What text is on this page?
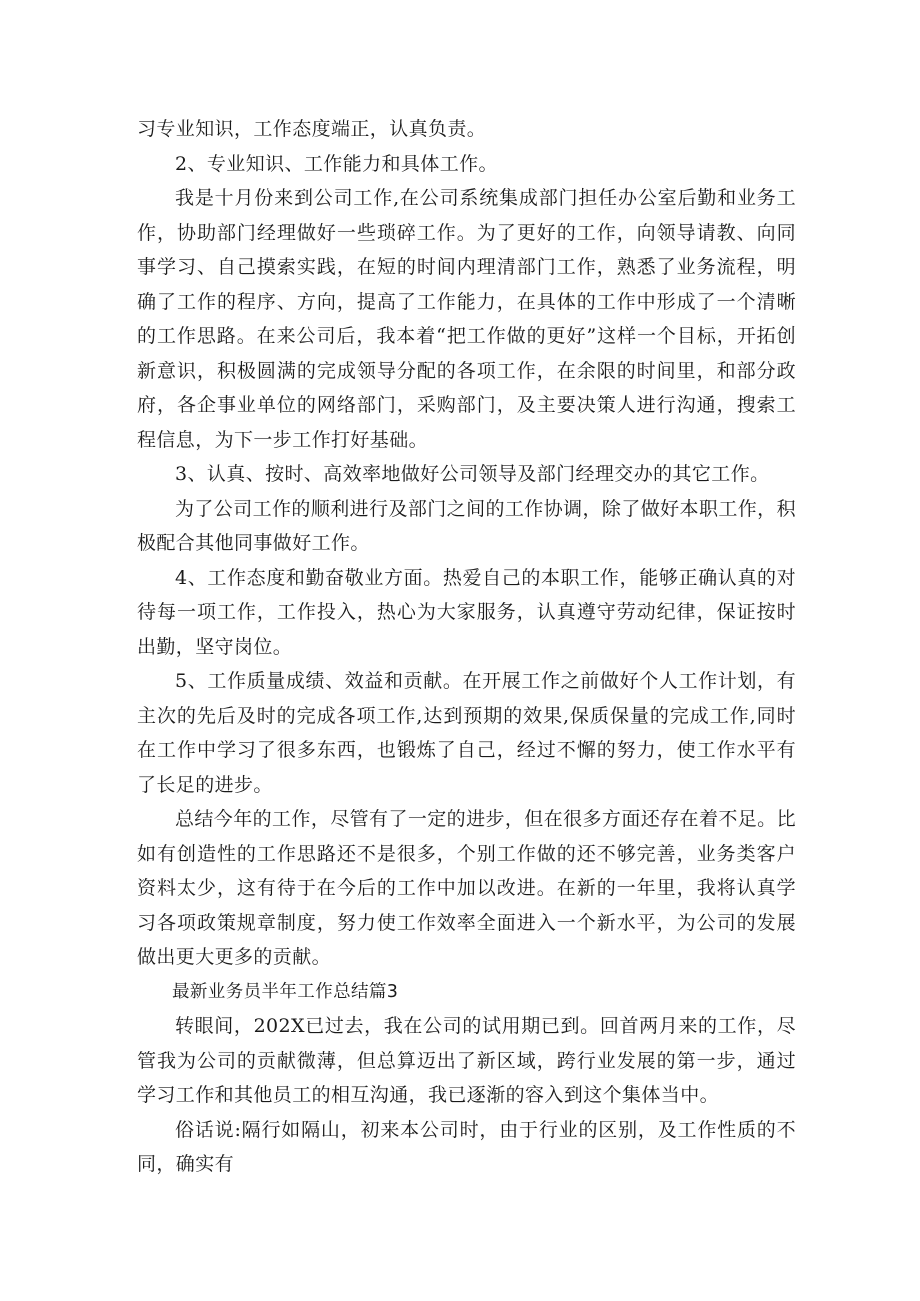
习专业知识，工作态度端正，认真负责。

2、专业知识、工作能力和具体工作。

我是十月份来到公司工作,在公司系统集成部门担任办公室后勤和业务工作，协助部门经理做好一些琐碎工作。为了更好的工作，向领导请教、向同事学习、自己摸索实践，在短的时间内理清部门工作，熟悉了业务流程，明确了工作的程序、方向，提高了工作能力，在具体的工作中形成了一个清晰的工作思路。在来公司后，我本着“把工作做的更好”这样一个目标，开拓创新意识，积极圆满的完成领导分配的各项工作，在余限的时间里，和部分政府，各企事业单位的网络部门，采购部门，及主要决策人进行沟通，搜索工程信息，为下一步工作打好基础。

3、认真、按时、高效率地做好公司领导及部门经理交办的其它工作。

为了公司工作的顺利进行及部门之间的工作协调，除了做好本职工作，积极配合其他同事做好工作。

4、工作态度和勤奋敬业方面。热爱自己的本职工作，能够正确认真的对待每一项工作，工作投入，热心为大家服务，认真遵守劳动纪律，保证按时出勤，坚守岗位。

5、工作质量成绩、效益和贡献。在开展工作之前做好个人工作计划，有主次的先后及时的完成各项工作,达到预期的效果,保质保量的完成工作,同时在工作中学习了很多东西，也锻炼了自己，经过不懈的努力，使工作水平有了长足的进步。

总结今年的工作，尽管有了一定的进步，但在很多方面还存在着不足。比如有创造性的工作思路还不是很多，个别工作做的还不够完善，业务类客户资料太少，这有待于在今后的工作中加以改进。在新的一年里，我将认真学习各项政策规章制度，努力使工作效率全面进入一个新水平，为公司的发展做出更大更多的贡献。

最新业务员半年工作总结篇3

转眼间，202X已过去，我在公司的试用期已到。回首两月来的工作，尽管我为公司的贡献微薄，但总算迈出了新区域，跨行业发展的第一步，通过学习工作和其他员工的相互沟通，我已逐渐的容入到这个集体当中。

俗话说:隔行如隔山，初来本公司时，由于行业的区别，及工作性质的不同，确实有
